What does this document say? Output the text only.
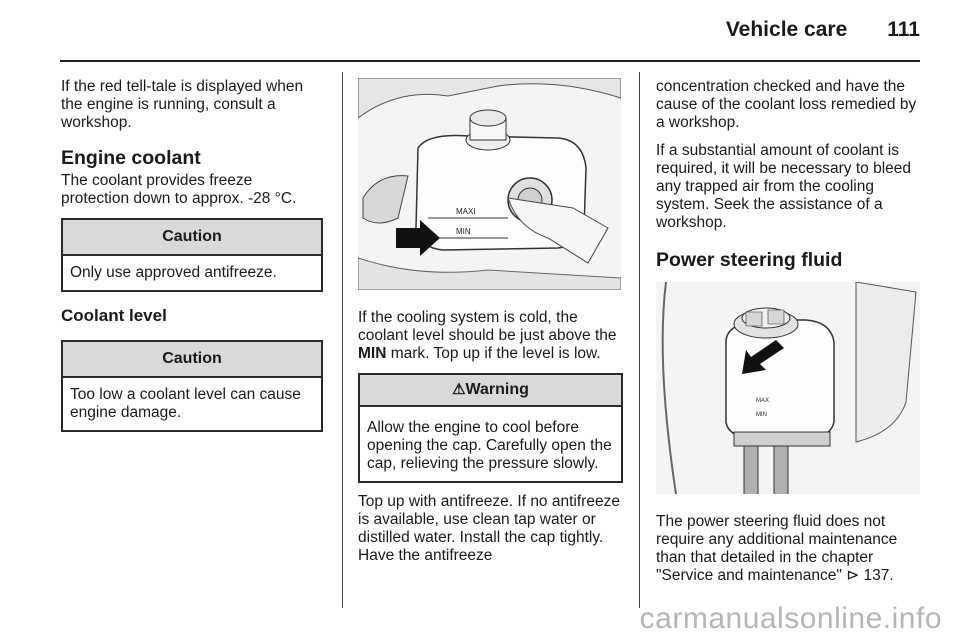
Vehicle care 111

If the red tell-tale is displayed when the engine is running, consult a workshop.

Engine coolant

The coolant provides freeze protection down to approx. -28 °C.

Caution
Only use approved antifreeze.
Coolant level
Caution
Too low a coolant level can cause engine damage.
MAXI
MIN

If the cooling system is cold, the coolant level should be just above the MIN mark. Top up if the level is low.

⚠Warning
Allow the engine to cool before opening the cap. Carefully open the cap, relieving the pressure slowly.

Top up with antifreeze. If no antifreeze is available, use clean tap water or distilled water. Install the cap tightly. Have the antifreeze

concentration checked and have the cause of the coolant loss remedied by a workshop.

If a substantial amount of coolant is required, it will be necessary to bleed any trapped air from the cooling system. Seek the assistance of a workshop.

Power steering fluid
MAX
MIN

The power steering fluid does not require any additional maintenance than that detailed in the chapter "Service and maintenance" ⊳ 137.

carmanualsonline.info
